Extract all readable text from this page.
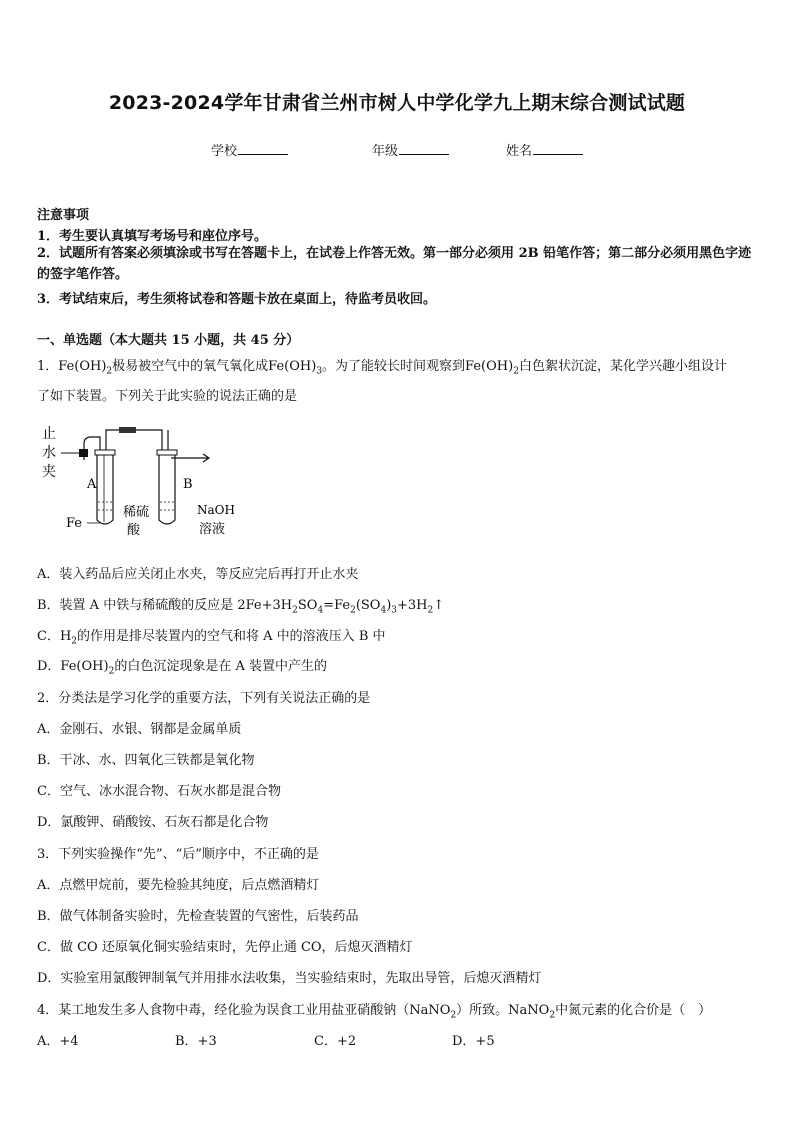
2023-2024学年甘肃省兰州市树人中学化学九上期末综合测试试题
学校	年级	姓名
注意事项
1．考生要认真填写考场号和座位序号。
2．试题所有答案必须填涂或书写在答题卡上，在试卷上作答无效。第一部分必须用 2B 铅笔作答；第二部分必须用黑色字迹的签字笔作答。
3．考试结束后，考生须将试卷和答题卡放在桌面上，待监考员收回。
一、单选题（本大题共 15 小题，共 45 分）
1．$Fe(OH)_2$极易被空气中的氧气氧化成$Fe(OH)_3$。为了能较长时间观察到$Fe(OH)_2$白色絮状沉淀，某化学兴趣小组设计
了如下装置。下列关于此实验的说法正确的是
止
水
夹
A	B
Fe
稀硫
酸
NaOH
溶液
A．装入药品后应关闭止水夹，等反应完后再打开止水夹
B．装置 A 中铁与稀硫酸的反应是 $2Fe+3H_2SO_4=Fe_2(SO_4)_3+3H_2↑$
C．$H_2$的作用是排尽装置内的空气和将 A 中的溶液压入 B 中
D．$Fe(OH)_2$的白色沉淀现象是在 A 装置中产生的
2．分类法是学习化学的重要方法，下列有关说法正确的是
A．金刚石、水银、钢都是金属单质
B．干冰、水、四氧化三铁都是氧化物
C．空气、冰水混合物、石灰水都是混合物
D．氯酸钾、硝酸铵、石灰石都是化合物
3．下列实验操作“先”、“后”顺序中，不正确的是
A．点燃甲烷前，要先检验其纯度，后点燃酒精灯
B．做气体制备实验时，先检查装置的气密性，后装药品
C．做 CO 还原氧化铜实验结束时，先停止通 CO，后熄灭酒精灯
D．实验室用氯酸钾制氧气并用排水法收集，当实验结束时，先取出导管，后熄灭酒精灯
4．某工地发生多人食物中毒，经化验为误食工业用盐亚硝酸钠（NaNO$_2$）所致。NaNO$_2$中氮元素的化合价是（　）
A．+4	B．+3	C．+2	D．+5
